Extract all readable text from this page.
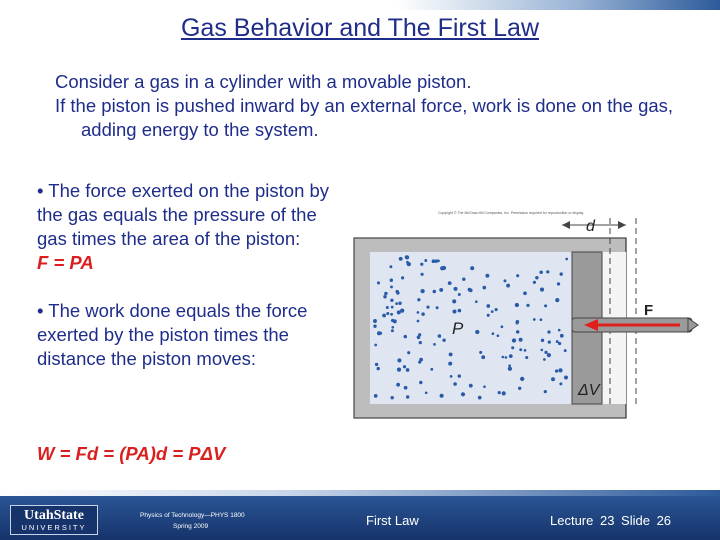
Gas Behavior and The First Law

Consider a gas in a cylinder with a movable piston.

If the piston is pushed inward by an external force, work is done on the gas, adding energy to the system.

• The force exerted on the piston by the gas equals the pressure of the gas times the area of the piston:
F = PA

• The work done equals the force exerted by the piston times the distance the piston moves:

W = Fd = (PA)d = PΔV
Copyright © The McGraw-Hill Companies, Inc. Permission required for reproduction or display.
d
F
P
ΔV
UtahState
UNIVERSITY
Physics of Technology—PHYS 1800
Spring 2009	First Law	Lecture 23 Slide 26
